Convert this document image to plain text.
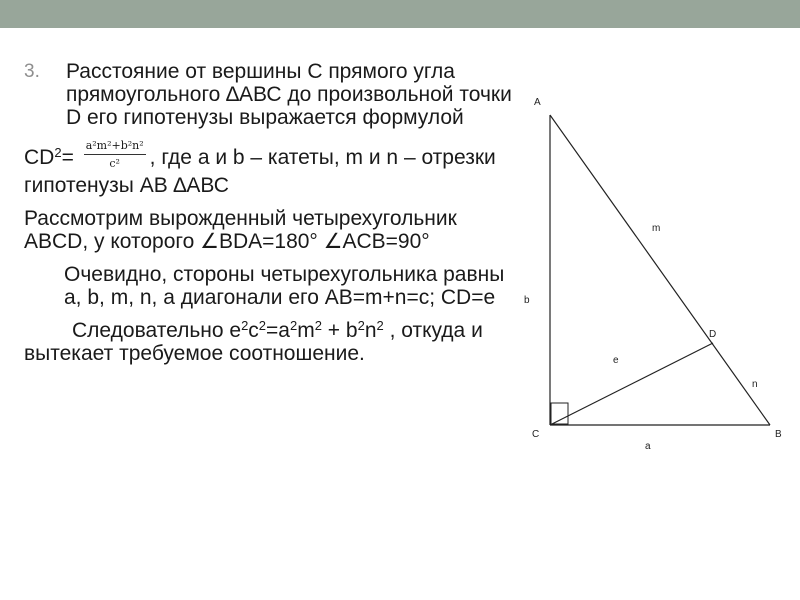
3. Расстояние от вершины С прямого угла прямоугольного ∆АВС до произвольной точки D его гипотенузы выражается формулой
$CD^2= \frac{\text{a²m²+b²n²}}{\text{c²}}$ , где а и b – катеты, m и n – отрезки гипотенузы АВ ∆АВС
Рассмотрим вырожденный четырехугольник ABCD, у которого ∠BDA=180° ∠ACB=90°
Очевидно, стороны четырехугольника равны a, b, m, n, а диагонали его AB=m+n=c; CD=e
Следовательно $e^2c^2=a^2m^2 + b^2n^2$ , откуда и вытекает требуемое соотношение.
A
B
C
D
m
n
e
a
b
